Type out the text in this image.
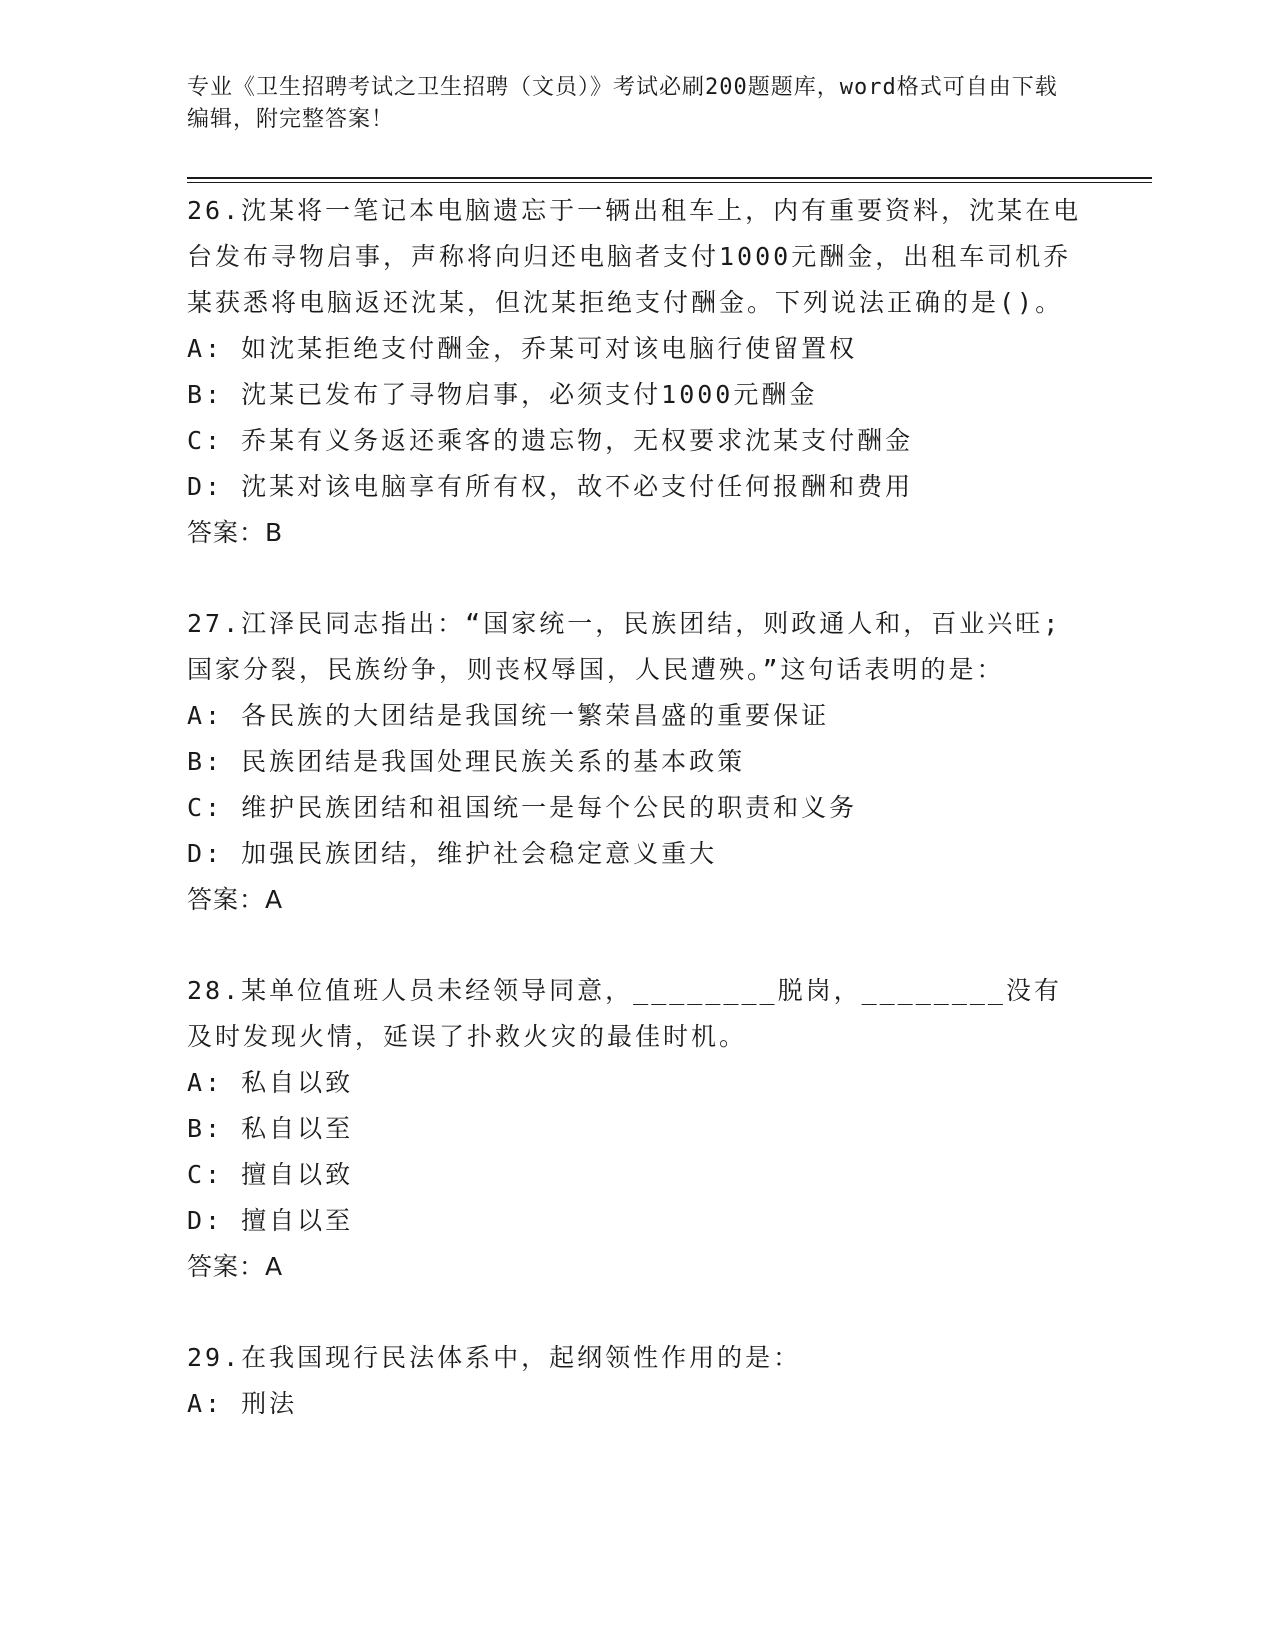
专业《卫生招聘考试之卫生招聘（文员）》考试必刷200题题库，word格式可自由下载编辑，附完整答案！
26.沈某将一笔记本电脑遗忘于一辆出租车上，内有重要资料，沈某在电台发布寻物启事，声称将向归还电脑者支付1000元酬金，出租车司机乔某获悉将电脑返还沈某，但沈某拒绝支付酬金。下列说法正确的是()。
A: 如沈某拒绝支付酬金，乔某可对该电脑行使留置权
B: 沈某已发布了寻物启事，必须支付1000元酬金
C: 乔某有义务返还乘客的遗忘物，无权要求沈某支付酬金
D: 沈某对该电脑享有所有权，故不必支付任何报酬和费用
答案：B
27.江泽民同志指出：“国家统一，民族团结，则政通人和，百业兴旺;国家分裂，民族纷争，则丧权辱国，人民遭殃。”这句话表明的是：
A: 各民族的大团结是我国统一繁荣昌盛的重要保证
B: 民族团结是我国处理民族关系的基本政策
C: 维护民族团结和祖国统一是每个公民的职责和义务
D: 加强民族团结，维护社会稳定意义重大
答案：A
28.某单位值班人员未经领导同意，________脱岗，________没有及时发现火情，延误了扑救火灾的最佳时机。
A: 私自以致
B: 私自以至
C: 擅自以致
D: 擅自以至
答案：A
29.在我国现行民法体系中，起纲领性作用的是：
A: 刑法
